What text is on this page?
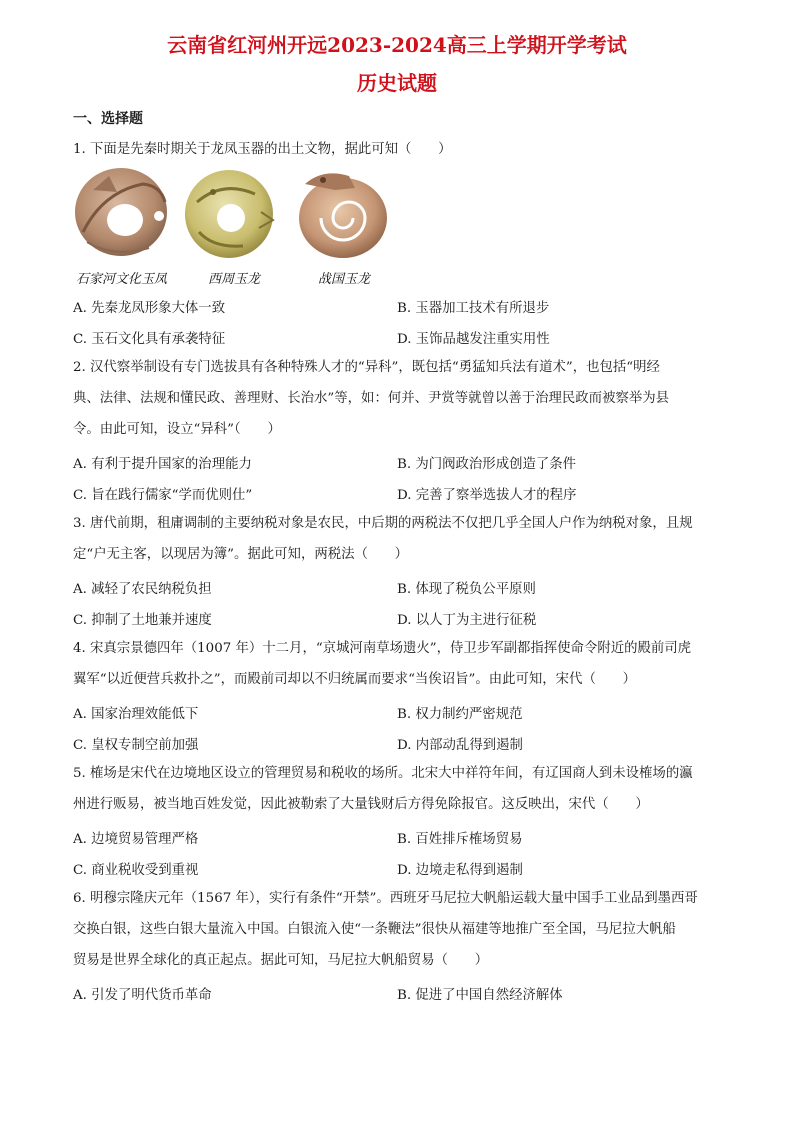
云南省红河州开远2023-2024高三上学期开学考试
历史试题
一、选择题
1. 下面是先秦时期关于龙凤玉器的出土文物，据此可知（　　）
石家河文化玉凤	西周玉龙	战国玉龙
A. 先秦龙凤形象大体一致	B. 玉器加工技术有所退步
C. 玉石文化具有承袭特征	D. 玉饰品越发注重实用性
2. 汉代察举制设有专门选拔具有各种特殊人才的“异科”，既包括“勇猛知兵法有道术”，也包括“明经
典、法律、法规和懂民政、善理财、长治水”等，如：何并、尹赏等就曾以善于治理民政而被察举为县
令。由此可知，设立“异科”（　　）
A. 有利于提升国家的治理能力	B. 为门阀政治形成创造了条件
C. 旨在践行儒家“学而优则仕”	D. 完善了察举选拔人才的程序
3. 唐代前期，租庸调制的主要纳税对象是农民，中后期的两税法不仅把几乎全国人户作为纳税对象，且规
定“户无主客，以现居为簿”。据此可知，两税法（　　）
A. 减轻了农民纳税负担	B. 体现了税负公平原则
C. 抑制了土地兼并速度	D. 以人丁为主进行征税
4. 宋真宗景德四年（1007 年）十二月，“京城河南草场遗火”，侍卫步军副都指挥使命令附近的殿前司虎
翼军“以近便营兵救扑之”，而殿前司却以不归统属而要求“当俟诏旨”。由此可知，宋代（　　）
A. 国家治理效能低下	B. 权力制约严密规范
C. 皇权专制空前加强	D. 内部动乱得到遏制
5. 榷场是宋代在边境地区设立的管理贸易和税收的场所。北宋大中祥符年间，有辽国商人到未设榷场的瀛
州进行贩易，被当地百姓发觉，因此被勒索了大量钱财后方得免除报官。这反映出，宋代（　　）
A. 边境贸易管理严格	B. 百姓排斥榷场贸易
C. 商业税收受到重视	D. 边境走私得到遏制
6. 明穆宗隆庆元年（1567 年），实行有条件“开禁”。西班牙马尼拉大帆船运载大量中国手工业品到墨西哥
交换白银，这些白银大量流入中国。白银流入使“一条鞭法”很快从福建等地推广至全国，马尼拉大帆船
贸易是世界全球化的真正起点。据此可知，马尼拉大帆船贸易（　　）
A. 引发了明代货币革命	B. 促进了中国自然经济解体
